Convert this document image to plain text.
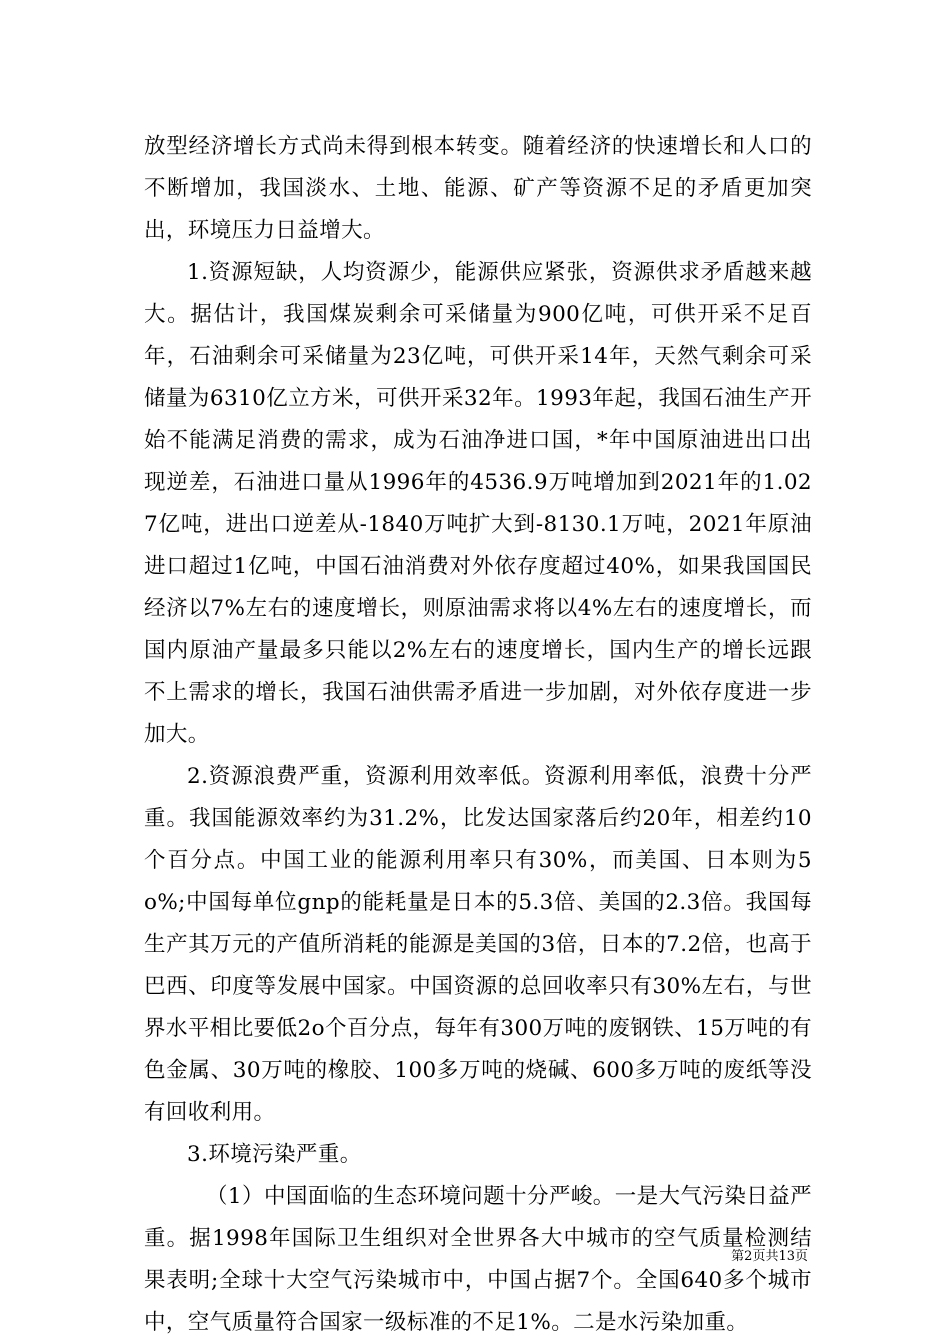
放型经济增长方式尚未得到根本转变。随着经济的快速增长和人口的不断增加，我国淡水、土地、能源、矿产等资源不足的矛盾更加突出，环境压力日益增大。

1.资源短缺，人均资源少，能源供应紧张，资源供求矛盾越来越大。据估计，我国煤炭剩余可采储量为900亿吨，可供开采不足百年，石油剩余可采储量为23亿吨，可供开采14年，天然气剩余可采储量为6310亿立方米，可供开采32年。1993年起，我国石油生产开始不能满足消费的需求，成为石油净进口国，*年中国原油进出口出现逆差，石油进口量从1996年的4536.9万吨增加到2021年的1.027亿吨，进出口逆差从-1840万吨扩大到-8130.1万吨，2021年原油进口超过1亿吨，中国石油消费对外依存度超过40%，如果我国国民经济以7%左右的速度增长，则原油需求将以4%左右的速度增长，而国内原油产量最多只能以2%左右的速度增长，国内生产的增长远跟不上需求的增长，我国石油供需矛盾进一步加剧，对外依存度进一步加大。

2.资源浪费严重，资源利用效率低。资源利用率低，浪费十分严重。我国能源效率约为31.2%，比发达国家落后约20年，相差约10个百分点。中国工业的能源利用率只有30%，而美国、日本则为5o%;中国每单位gnp的能耗量是日本的5.3倍、美国的2.3倍。我国每生产其万元的产值所消耗的能源是美国的3倍，日本的7.2倍，也高于巴西、印度等发展中国家。中国资源的总回收率只有30%左右，与世界水平相比要低2o个百分点，每年有300万吨的废钢铁、15万吨的有色金属、30万吨的橡胶、100多万吨的烧碱、600多万吨的废纸等没有回收利用。

3.环境污染严重。

（1）中国面临的生态环境问题十分严峻。一是大气污染日益严重。据1998年国际卫生组织对全世界各大中城市的空气质量检测结果表明;全球十大空气污染城市中，中国占据7个。全国640多个城市中，空气质量符合国家一级标准的不足1%。二是水污染加重。

第2页共13页
